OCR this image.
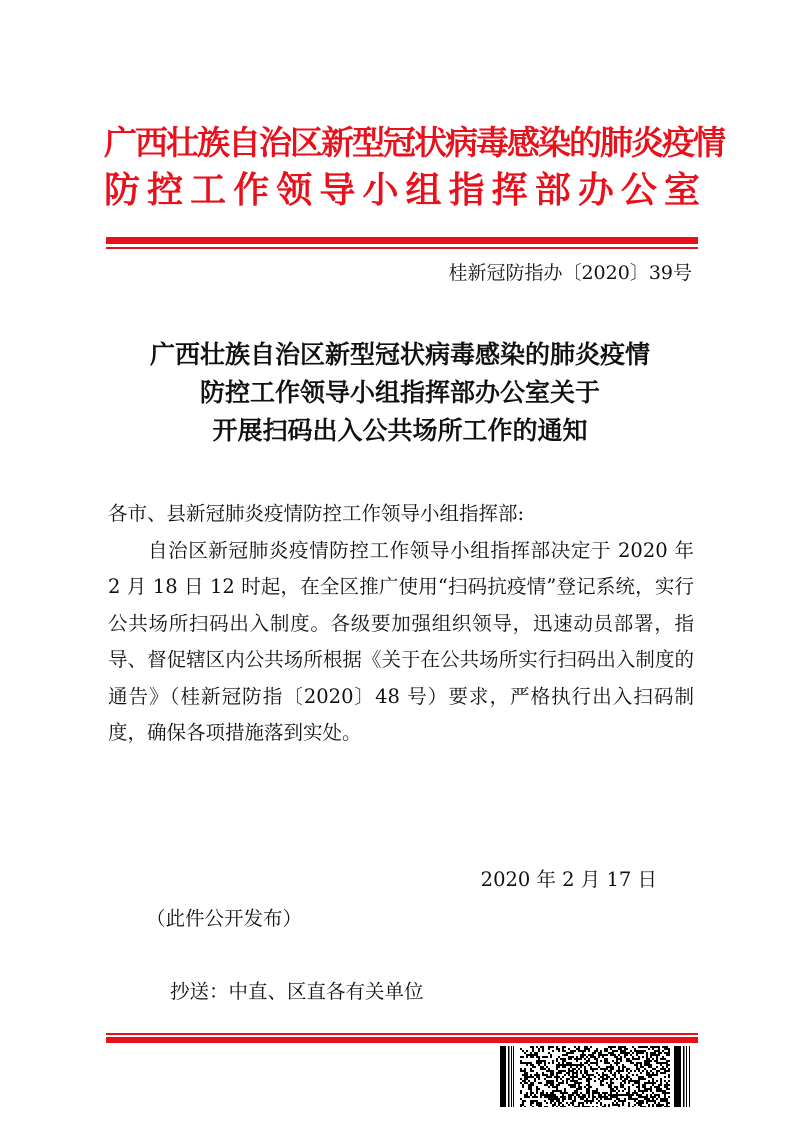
广西壮族自治区新型冠状病毒感染的肺炎疫情
防控工作领导小组指挥部办公室
桂新冠防指办〔2020〕39号
广西壮族自治区新型冠状病毒感染的肺炎疫情
防控工作领导小组指挥部办公室关于
开展扫码出入公共场所工作的通知

各市、县新冠肺炎疫情防控工作领导小组指挥部:

自治区新冠肺炎疫情防控工作领导小组指挥部决定于 2020 年 2 月 18 日 12 时起，在全区推广使用“扫码抗疫情”登记系统，实行公共场所扫码出入制度。各级要加强组织领导，迅速动员部署，指导、督促辖区内公共场所根据《关于在公共场所实行扫码出入制度的通告》（桂新冠防指〔2020〕48 号）要求，严格执行出入扫码制度，确保各项措施落到实处。

2020 年 2 月 17 日
（此件公开发布）
抄送：中直、区直各有关单位
